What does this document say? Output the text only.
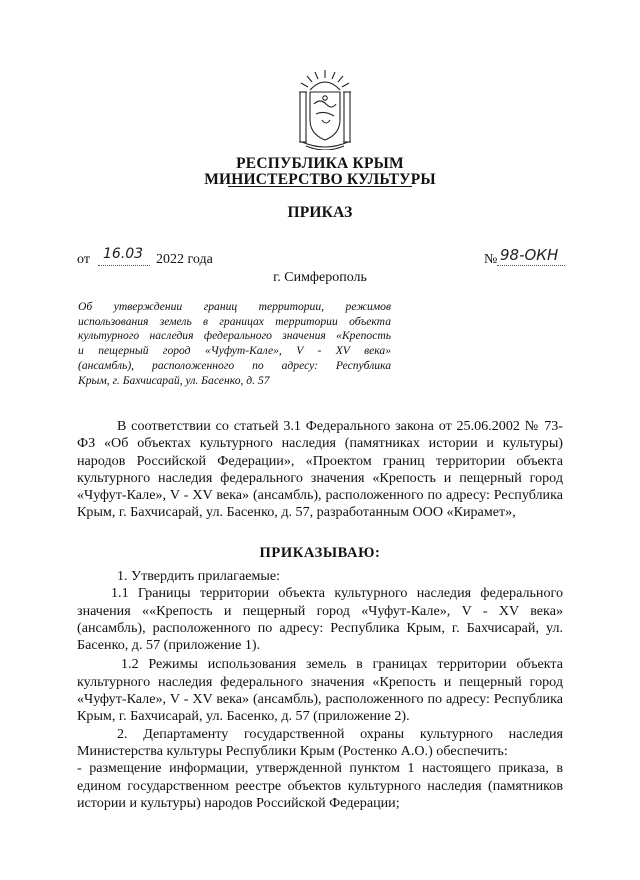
РЕСПУБЛИКА КРЫМ
МИНИСТЕРСТВО КУЛЬТУРЫ
ПРИКАЗ
от 16.03 2022 года	№ 98-ОКН
г. Симферополь
Об утверждении границ территории, режимов
использования земель в границах территории объекта
культурного наследия федерального значения «Крепость
и пещерный город «Чуфут-Кале», V - XV века»
(ансамбль), расположенного по адресу: Республика
Крым, г. Бахчисарай, ул. Басенко, д. 57

В соответствии со статьей 3.1 Федерального закона от 25.06.2002 № 73-ФЗ «Об объектах культурного наследия (памятниках истории и культуры) народов Российской Федерации», «Проектом границ территории объекта культурного наследия федерального значения «Крепость и пещерный город «Чуфут-Кале», V - XV века» (ансамбль), расположенного по адресу: Республика Крым, г. Бахчисарай, ул. Басенко, д. 57, разработанным ООО «Кирамет»,

ПРИКАЗЫВАЮ:

1. Утвердить прилагаемые:

1.1 Границы территории объекта культурного наследия федерального значения ««Крепость и пещерный город «Чуфут-Кале», V - XV века» (ансамбль), расположенного по адресу: Республика Крым, г. Бахчисарай, ул. Басенко, д. 57 (приложение 1).

1.2 Режимы использования земель в границах территории объекта культурного наследия федерального значения «Крепость и пещерный город «Чуфут-Кале», V - XV века» (ансамбль), расположенного по адресу: Республика Крым, г. Бахчисарай, ул. Басенко, д. 57 (приложение 2).

2. Департаменту государственной охраны культурного наследия Министерства культуры Республики Крым (Ростенко А.О.) обеспечить:

- размещение информации, утвержденной пунктом 1 настоящего приказа, в едином государственном реестре объектов культурного наследия (памятников истории и культуры) народов Российской Федерации;
